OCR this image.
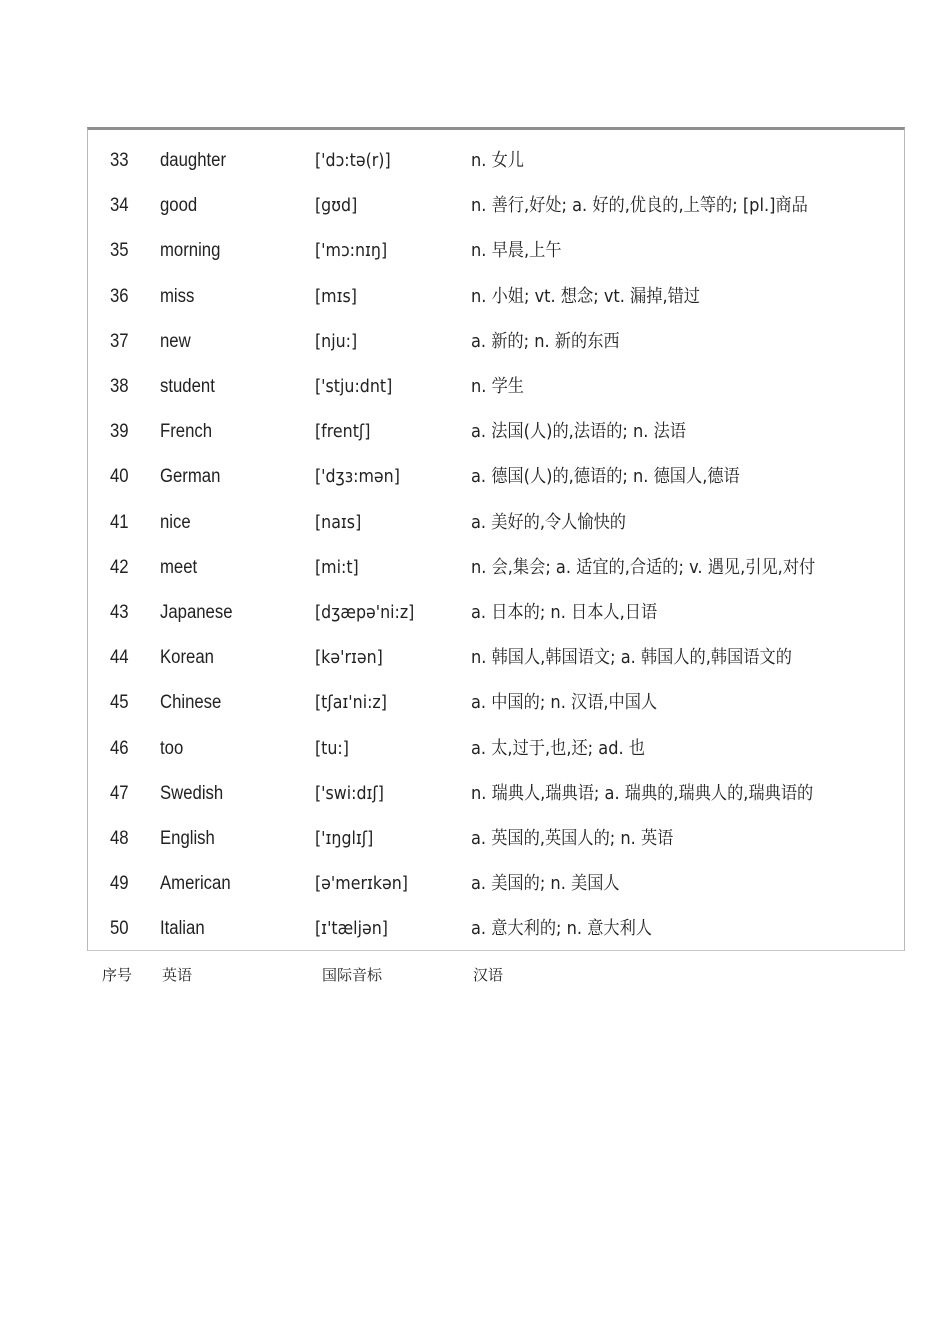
33 daughter	['dɔ:tə(r)]	n. 女儿
34 good	[gʊd]	n. 善行,好处; a. 好的,优良的,上等的; [pl.]商品
35 morning	['mɔ:nɪŋ]	n. 早晨,上午
36 miss	[mɪs]	n. 小姐; vt. 想念; vt. 漏掉,错过
37 new	[nju:]	a. 新的; n. 新的东西
38 student	['stju:dnt]	n. 学生
39 French	[frentʃ]	a. 法国(人)的,法语的; n. 法语
40 German	['dʒɜ:mən]	a. 德国(人)的,德语的; n. 德国人,德语
41 nice	[naɪs]	a. 美好的,令人愉快的
42 meet	[mi:t]	n. 会,集会; a. 适宜的,合适的; v. 遇见,引见,对付
43 Japanese	[dʒæpə'ni:z]	a. 日本的; n. 日本人,日语
44 Korean	[kə'rɪən]	n. 韩国人,韩国语文; a. 韩国人的,韩国语文的
45 Chinese	[tʃaɪ'ni:z]	a. 中国的; n. 汉语,中国人
46 too	[tu:]	a. 太,过于,也,还; ad. 也
47 Swedish	['swi:dɪʃ]	n. 瑞典人,瑞典语; a. 瑞典的,瑞典人的,瑞典语的
48 English	['ɪŋglɪʃ]	a. 英国的,英国人的; n. 英语
49 American	[ə'merɪkən]	a. 美国的; n. 美国人
50 Italian	[ɪ'tæljən]	a. 意大利的; n. 意大利人
序号 英语	国际音标	汉语
